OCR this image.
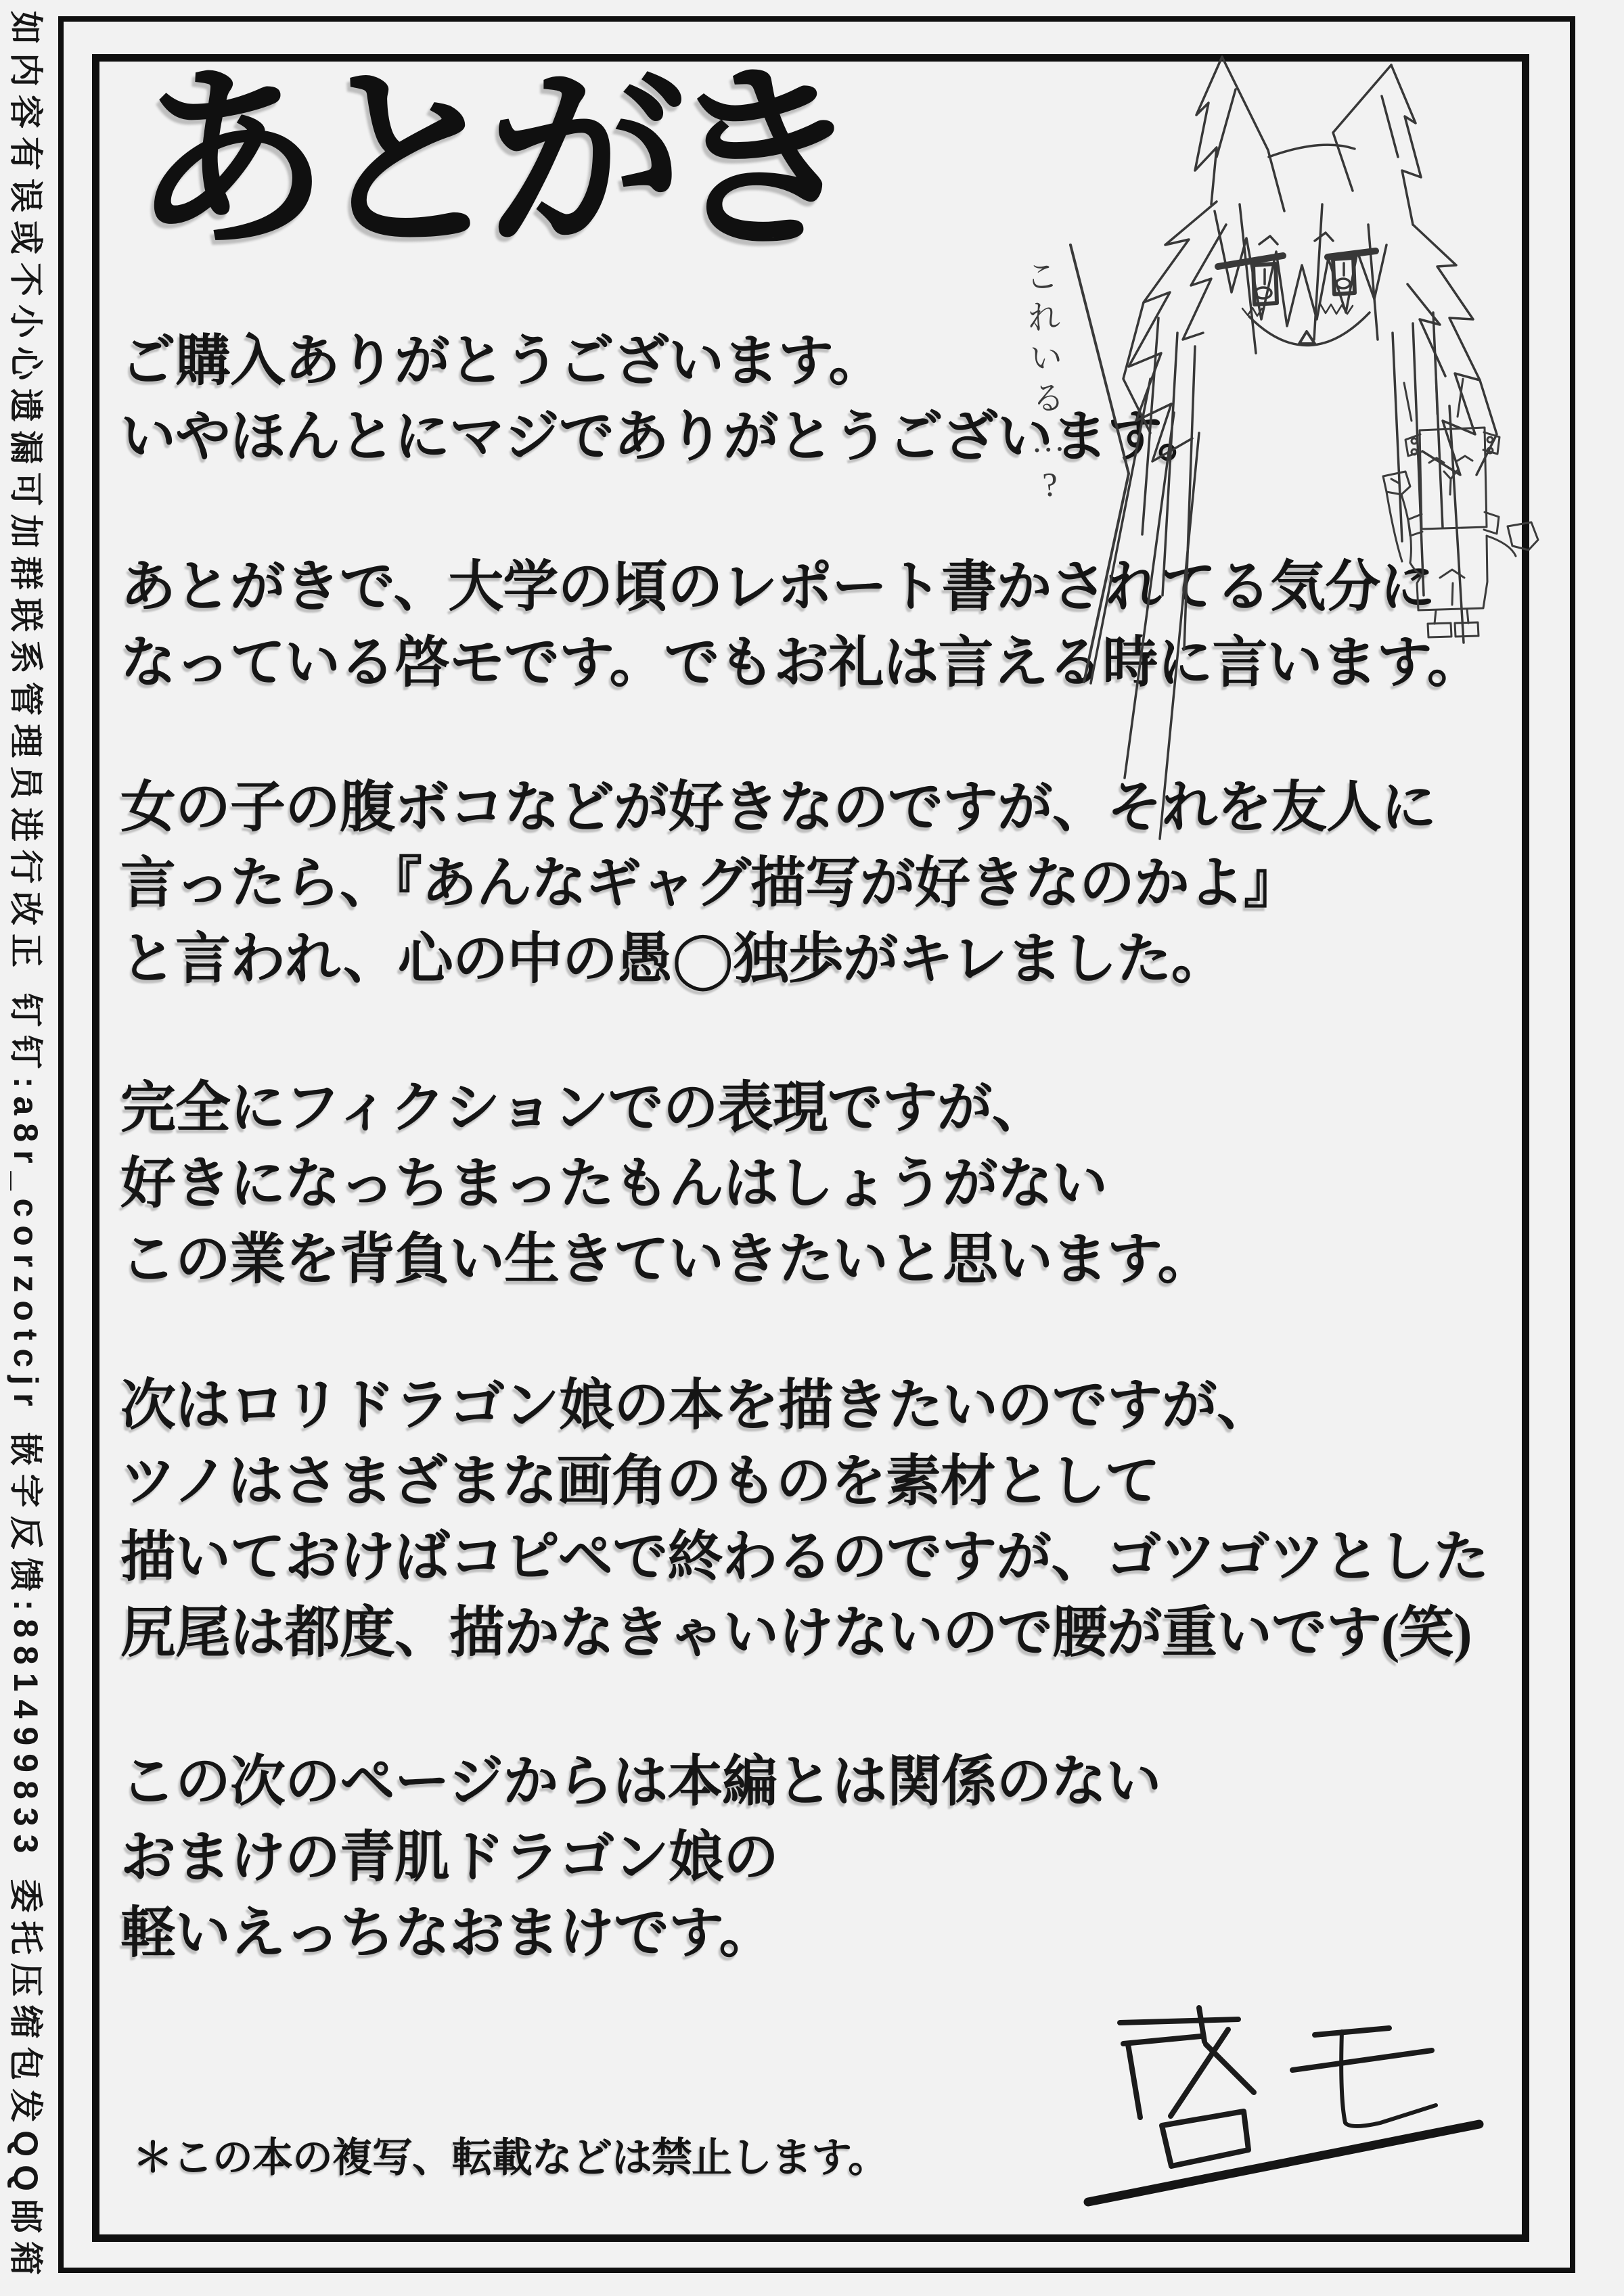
如内容有误或不小心遗漏可加群联系管理员进行改正 钉钉:a8r_corzotcjr 嵌字反馈:881499833 委托压缩包发QQ邮箱 あとがき
ご購入ありがとうございます。
いやほんとにマジでありがとうございます。
あとがきで、大学の頃のレポート書かされてる気分に
なっている啓モです。でもお礼は言える時に言います。
女の子の腹ボコなどが好きなのですが、それを友人に
言ったら、『あんなギャグ描写が好きなのかよ』
と言われ、心の中の愚◯独歩がキレました。
完全にフィクションでの表現ですが、
好きになっちまったもんはしょうがない
この業を背負い生きていきたいと思います。
次はロリドラゴン娘の本を描きたいのですが、
ツノはさまざまな画角のものを素材として
描いておけばコピペで終わるのですが、ゴツゴツとした
尻尾は都度、描かなきゃいけないので腰が重いです(笑)
この次のページからは本編とは関係のない
おまけの青肌ドラゴン娘の
軽いえっちなおまけです。
これいる…?
＊この本の複写、転載などは禁止します。
